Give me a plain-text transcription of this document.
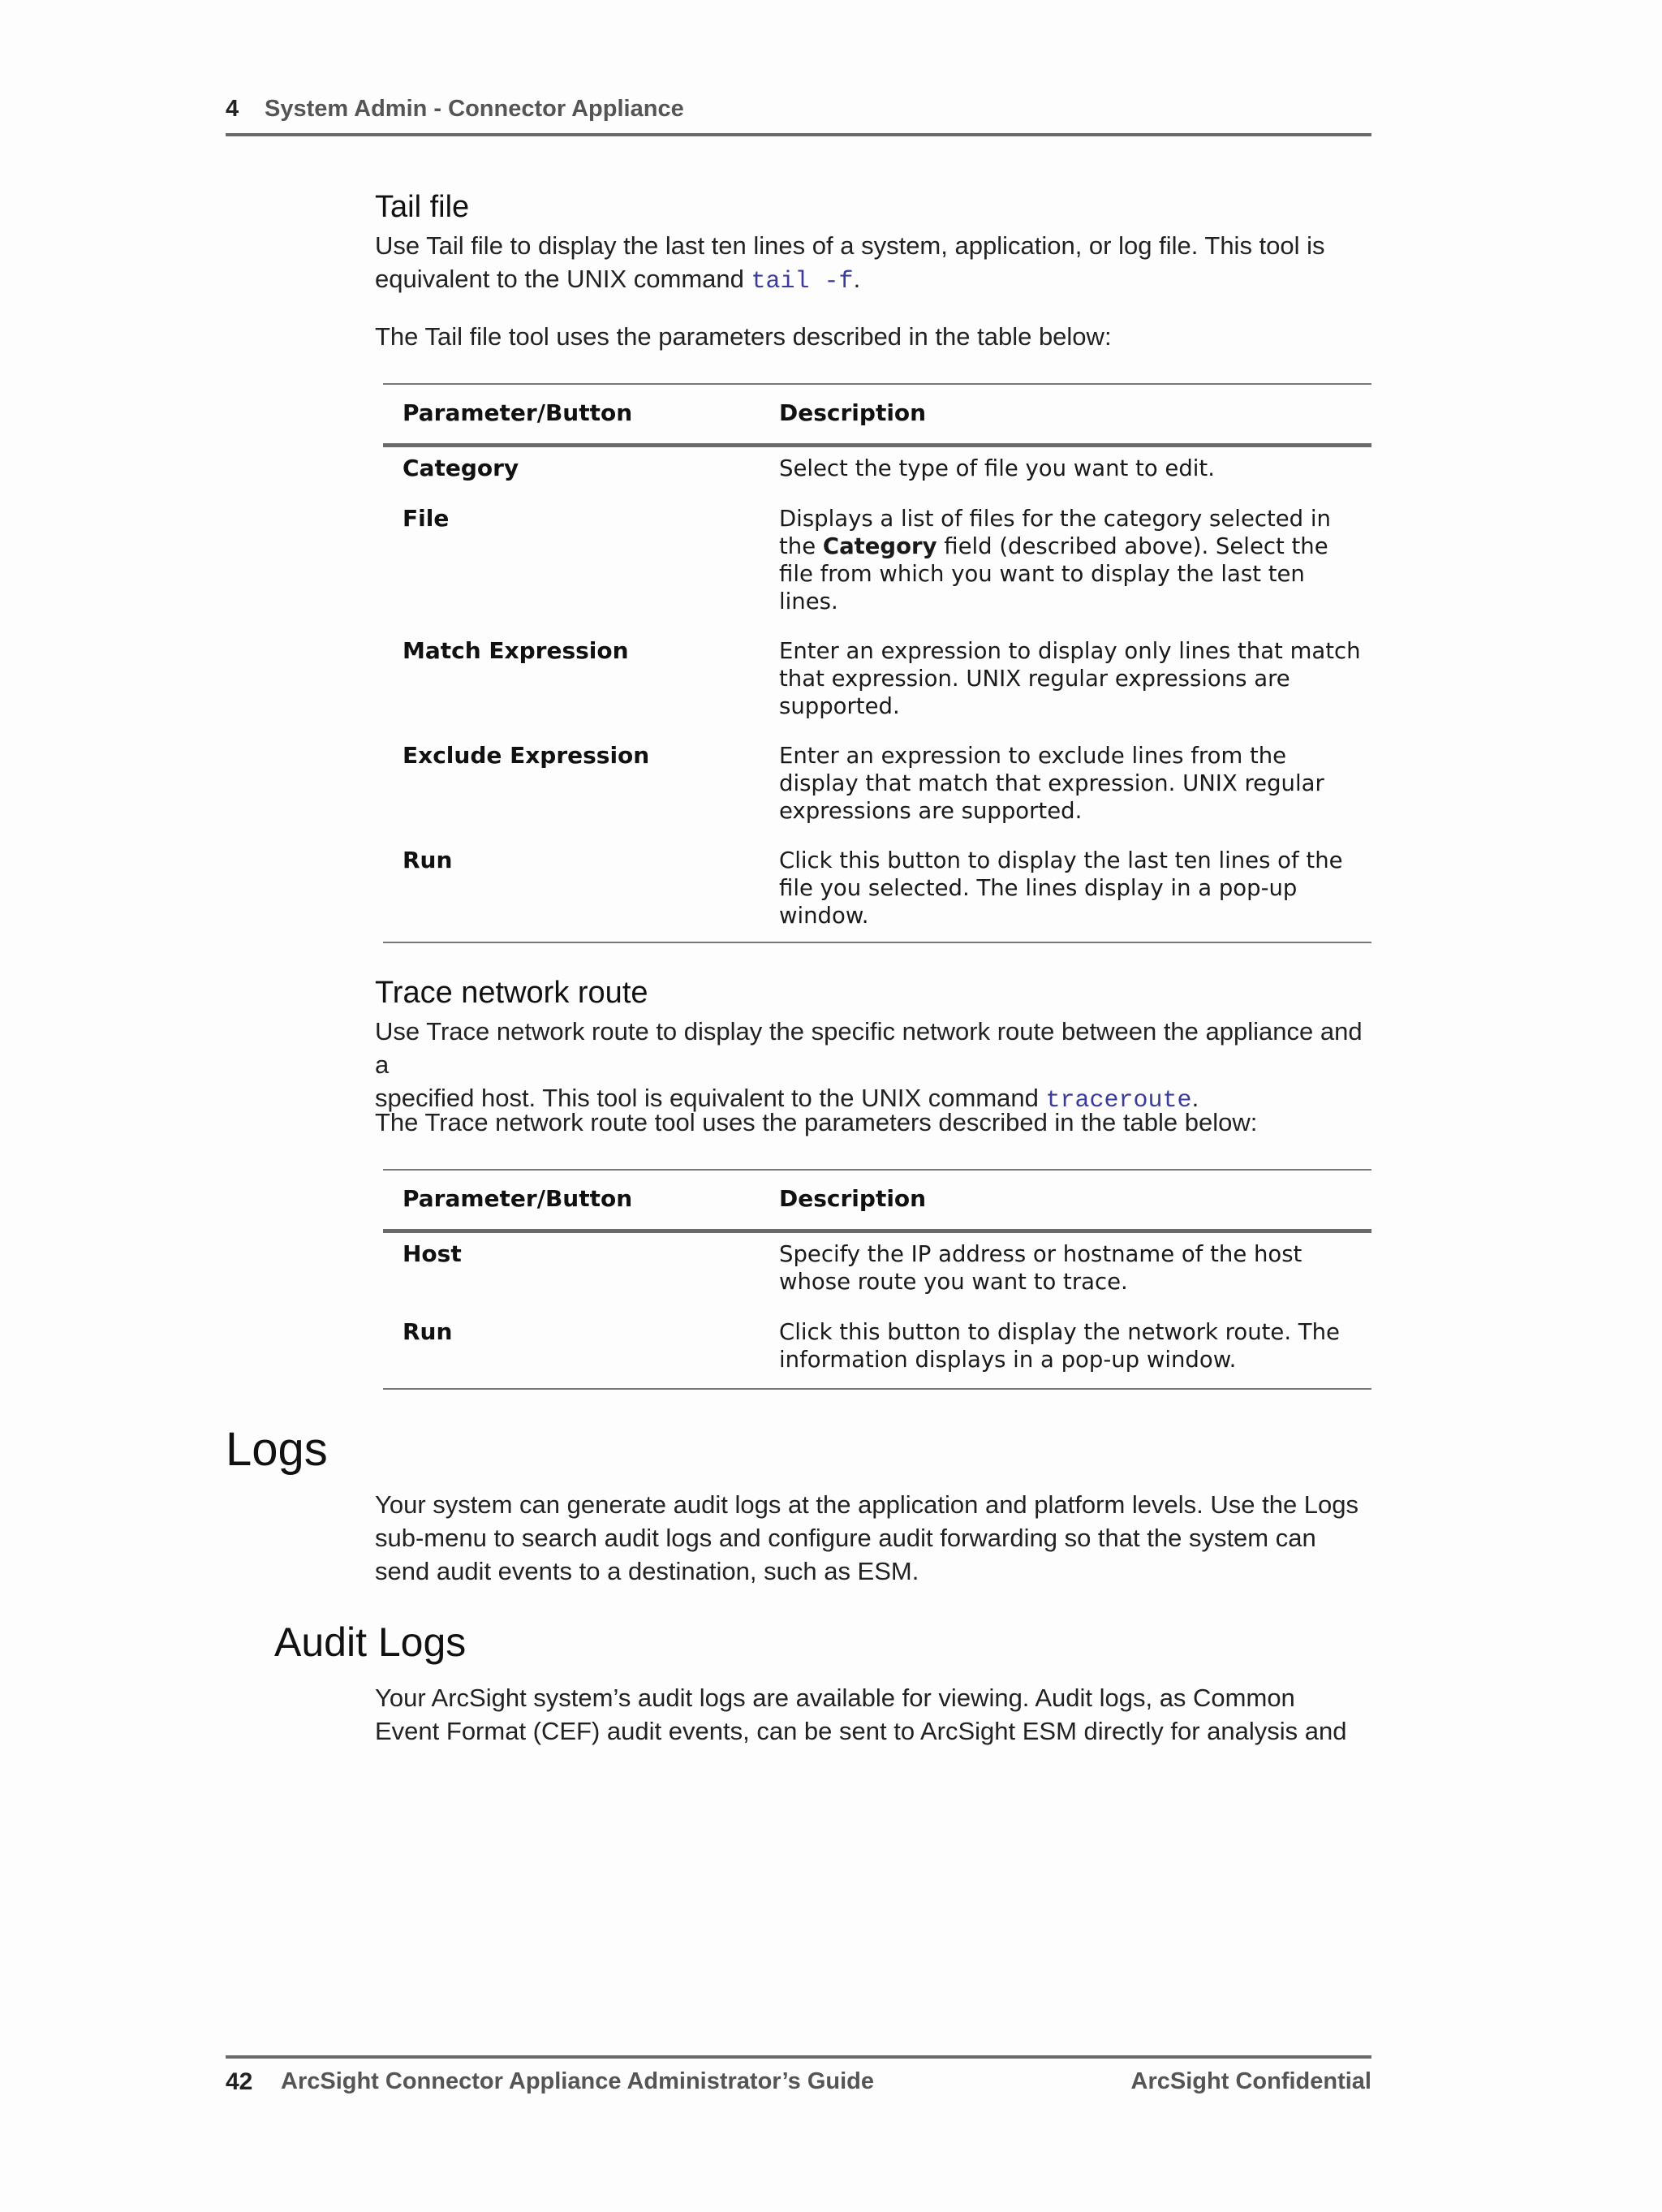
4 System Admin - Connector Appliance
Tail file
Use Tail file to display the last ten lines of a system, application, or log file. This tool is
equivalent to the UNIX command tail -f.
The Tail file tool uses the parameters described in the table below:
Parameter/Button	Description
Category	Select the type of file you want to edit.
File	Displays a list of files for the category selected in the Category field (described above). Select the file from which you want to display the last ten lines.
Match Expression	Enter an expression to display only lines that match that expression. UNIX regular expressions are supported.
Exclude Expression	Enter an expression to exclude lines from the display that match that expression. UNIX regular expressions are supported.
Run	Click this button to display the last ten lines of the file you selected. The lines display in a pop-up window.
Trace network route
Use Trace network route to display the specific network route between the appliance and a
specified host. This tool is equivalent to the UNIX command traceroute.
The Trace network route tool uses the parameters described in the table below:
Parameter/Button	Description
Host	Specify the IP address or hostname of the host whose route you want to trace.
Run	Click this button to display the network route. The information displays in a pop-up window.
Logs
Your system can generate audit logs at the application and platform levels. Use the Logs sub-menu to search audit logs and configure audit forwarding so that the system can send audit events to a destination, such as ESM.
Audit Logs
Your ArcSight system’s audit logs are available for viewing. Audit logs, as Common Event Format (CEF) audit events, can be sent to ArcSight ESM directly for analysis and
42 ArcSight Connector Appliance Administrator’s Guide	ArcSight Confidential
